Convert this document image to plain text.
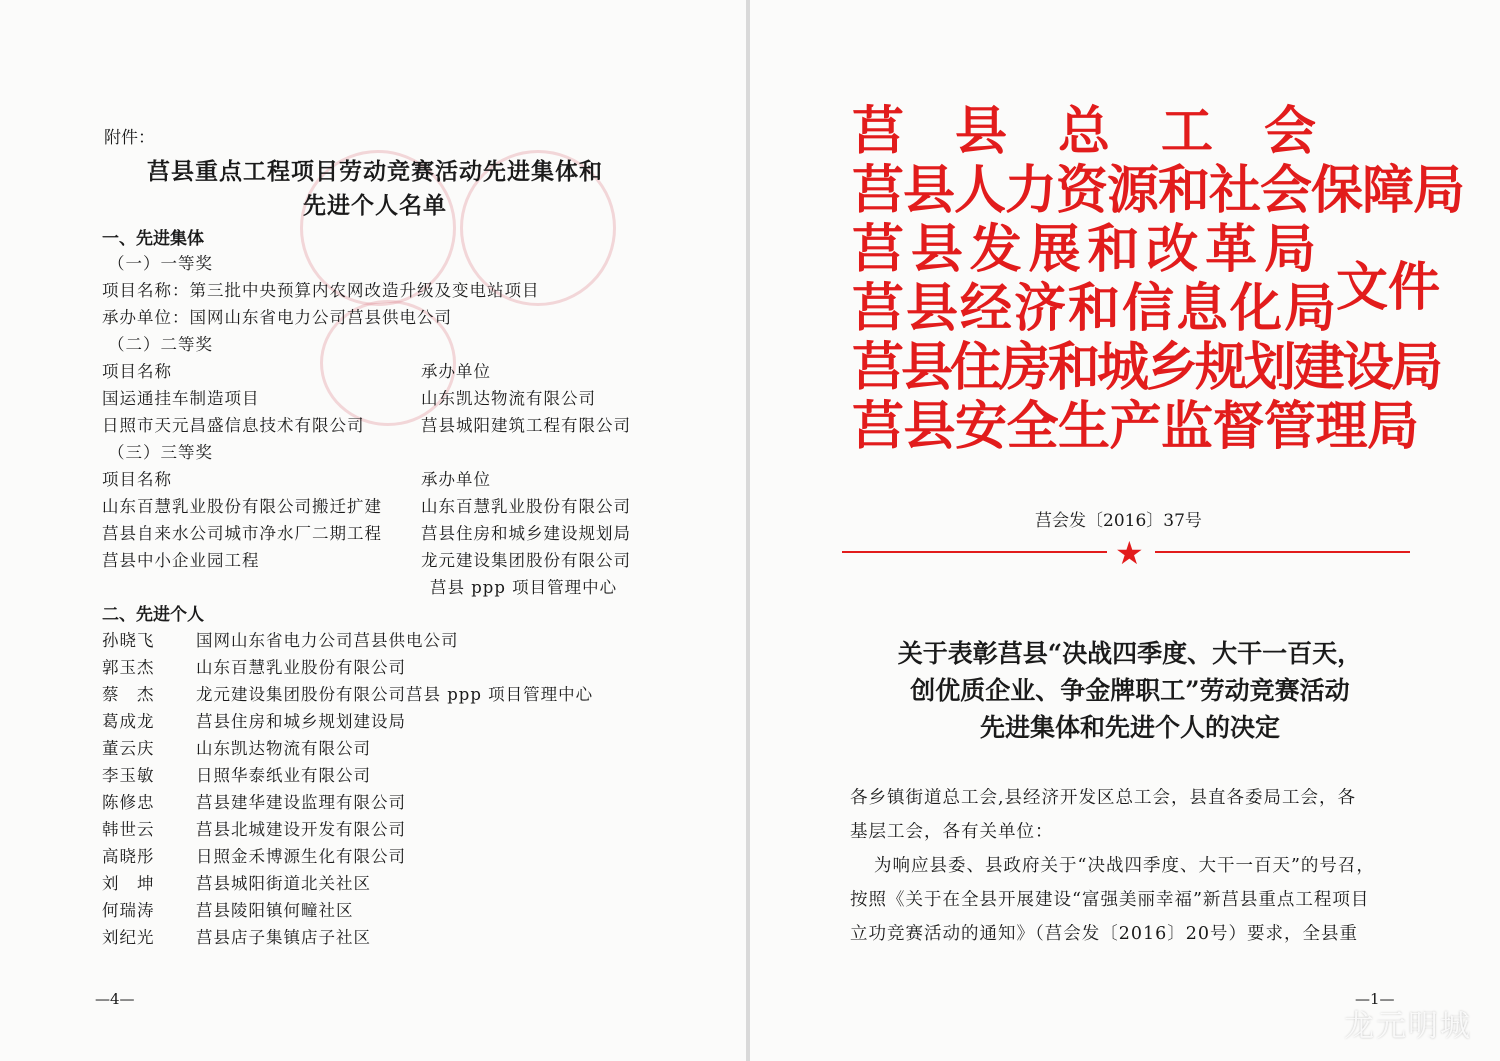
附件：
莒县重点工程项目劳动竞赛活动先进集体和
先进个人名单
一、先进集体
（一）一等奖
项目名称：第三批中央预算内农网改造升级及变电站项目
承办单位：国网山东省电力公司莒县供电公司
（二）二等奖
项目名称	承办单位
国运通挂车制造项目	山东凯达物流有限公司
日照市天元昌盛信息技术有限公司	莒县城阳建筑工程有限公司
（三）三等奖
项目名称	承办单位
山东百慧乳业股份有限公司搬迁扩建 山东百慧乳业股份有限公司
莒县自来水公司城市净水厂二期工程 莒县住房和城乡建设规划局
莒县中小企业园工程	龙元建设集团股份有限公司
莒县 ppp 项目管理中心
二、先进个人
孙晓飞	国网山东省电力公司莒县供电公司
郭玉杰	山东百慧乳业股份有限公司
蔡　杰	龙元建设集团股份有限公司莒县 ppp 项目管理中心
葛成龙	莒县住房和城乡规划建设局
董云庆	山东凯达物流有限公司
李玉敏	日照华泰纸业有限公司
陈修忠	莒县建华建设监理有限公司
韩世云	莒县北城建设开发有限公司
高晓彤	日照金禾博源生化有限公司
刘　坤	莒县城阳街道北关社区
何瑞涛	莒县陵阳镇何疃社区
刘纪光	莒县店子集镇店子社区
—4—
莒县总工会
莒县人力资源和社会保障局
莒县发展和改革局
莒县经济和信息化局
莒县住房和城乡规划建设局
莒县安全生产监督管理局
文件
莒会发〔2016〕37号
★
关于表彰莒县“决战四季度、大干一百天，
创优质企业、争金牌职工”劳动竞赛活动
先进集体和先进个人的决定
各乡镇街道总工会,县经济开发区总工会，县直各委局工会，各
基层工会，各有关单位：
为响应县委、县政府关于“决战四季度、大干一百天”的号召，
按照《关于在全县开展建设“富强美丽幸福”新莒县重点工程项目
立功竞赛活动的通知》（莒会发〔2016〕20号）要求，全县重
—1—
龙元明城
